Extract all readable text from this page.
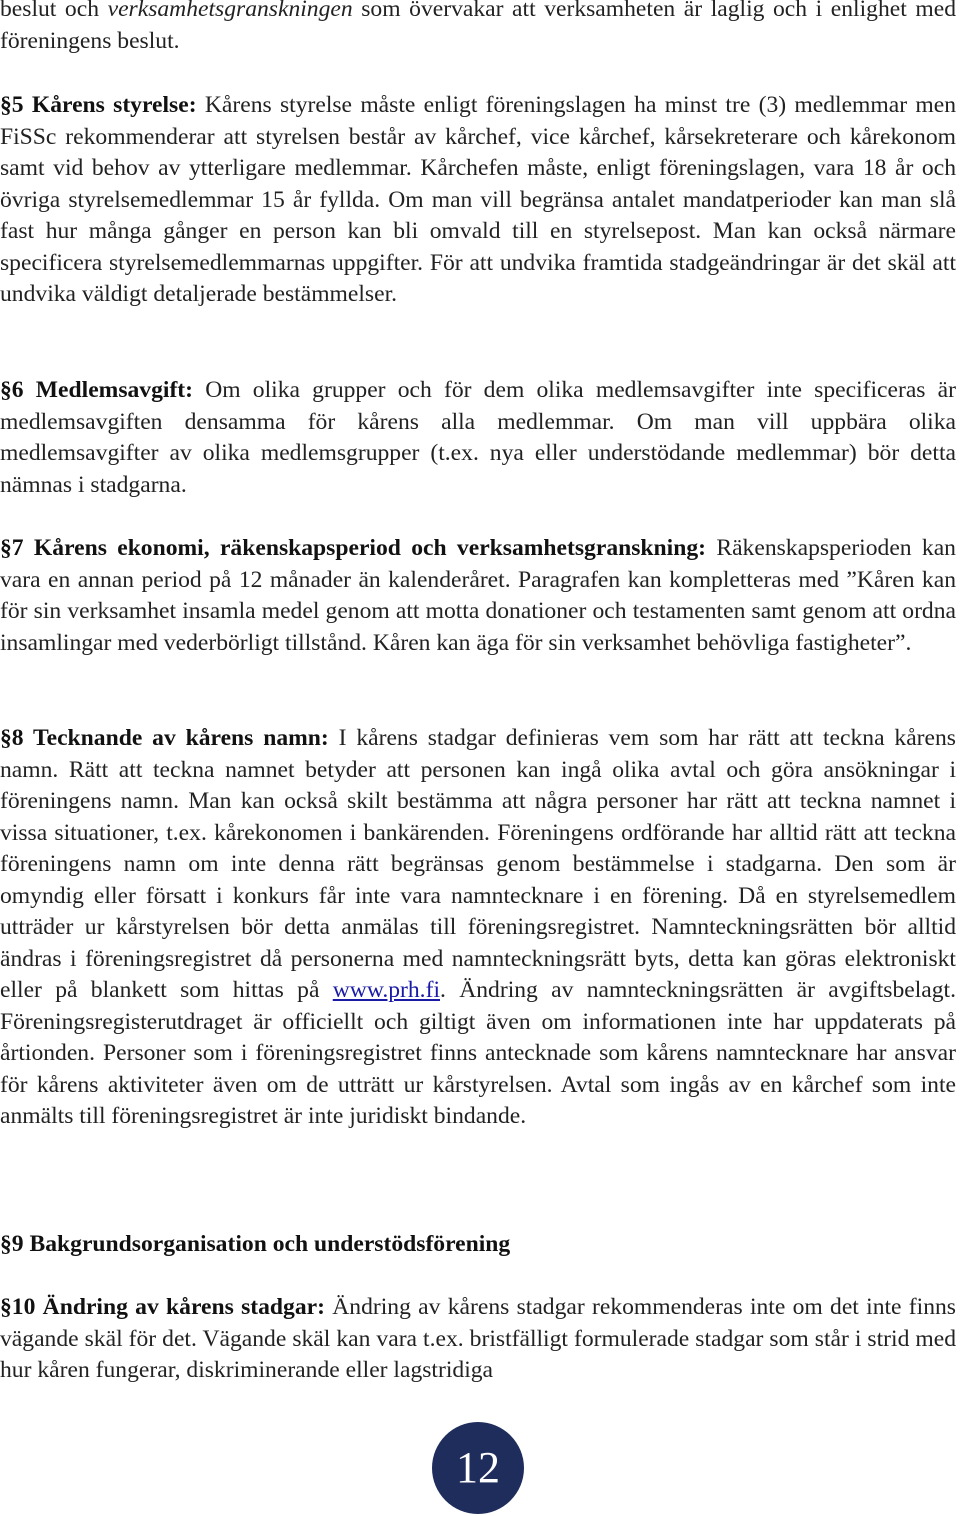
beslut och verksamhetsgranskningen som övervakar att verksamheten är laglig och i enlighet med föreningens beslut.

§5 Kårens styrelse: Kårens styrelse måste enligt föreningslagen ha minst tre (3) medlemmar men FiSSc rekommenderar att styrelsen består av kårchef, vice kårchef, kårsekreterare och kårekonom samt vid behov av ytterligare medlemmar. Kårchefen måste, enligt föreningslagen, vara 18 år och övriga styrelsemedlemmar 15 år fyllda. Om man vill begränsa antalet mandatperioder kan man slå fast hur många gånger en person kan bli omvald till en styrelsepost. Man kan också närmare specificera styrelsemedlemmarnas uppgifter. För att undvika framtida stadgeändringar är det skäl att undvika väldigt detaljerade bestämmelser.

§6 Medlemsavgift: Om olika grupper och för dem olika medlemsavgifter inte specificeras är medlemsavgiften densamma för kårens alla medlemmar. Om man vill uppbära olika medlemsavgifter av olika medlemsgrupper (t.ex. nya eller understödande medlemmar) bör detta nämnas i stadgarna.

§7 Kårens ekonomi, räkenskapsperiod och verksamhetsgranskning: Räkenskapsperioden kan vara en annan period på 12 månader än kalenderåret. Paragrafen kan kompletteras med ”Kåren kan för sin verksamhet insamla medel genom att motta donationer och testamenten samt genom att ordna insamlingar med vederbörligt tillstånd. Kåren kan äga för sin verksamhet behövliga fastigheter”.

§8 Tecknande av kårens namn: I kårens stadgar definieras vem som har rätt att teckna kårens namn. Rätt att teckna namnet betyder att personen kan ingå olika avtal och göra ansökningar i föreningens namn. Man kan också skilt bestämma att några personer har rätt att teckna namnet i vissa situationer, t.ex. kårekonomen i bankärenden. Föreningens ordförande har alltid rätt att teckna föreningens namn om inte denna rätt begränsas genom bestämmelse i stadgarna. Den som är omyndig eller försatt i konkurs får inte vara namntecknare i en förening. Då en styrelsemedlem utträder ur kårstyrelsen bör detta anmälas till föreningsregistret. Namnteckningsrätten bör alltid ändras i föreningsregistret då personerna med namnteckningsrätt byts, detta kan göras elektroniskt eller på blankett som hittas på www.prh.fi. Ändring av namnteckningsrätten är avgiftsbelagt. Föreningsregisterutdraget är officiellt och giltigt även om informationen inte har uppdaterats på årtionden. Personer som i föreningsregistret finns antecknade som kårens namntecknare har ansvar för kårens aktiviteter även om de utträtt ur kårstyrelsen. Avtal som ingås av en kårchef som inte anmälts till föreningsregistret är inte juridiskt bindande.

§9 Bakgrundsorganisation och understödsförening

§10 Ändring av kårens stadgar: Ändring av kårens stadgar rekommenderas inte om det inte finns vägande skäl för det. Vägande skäl kan vara t.ex. bristfälligt formulerade stadgar som står i strid med hur kåren fungerar, diskriminerande eller lagstridiga

12
